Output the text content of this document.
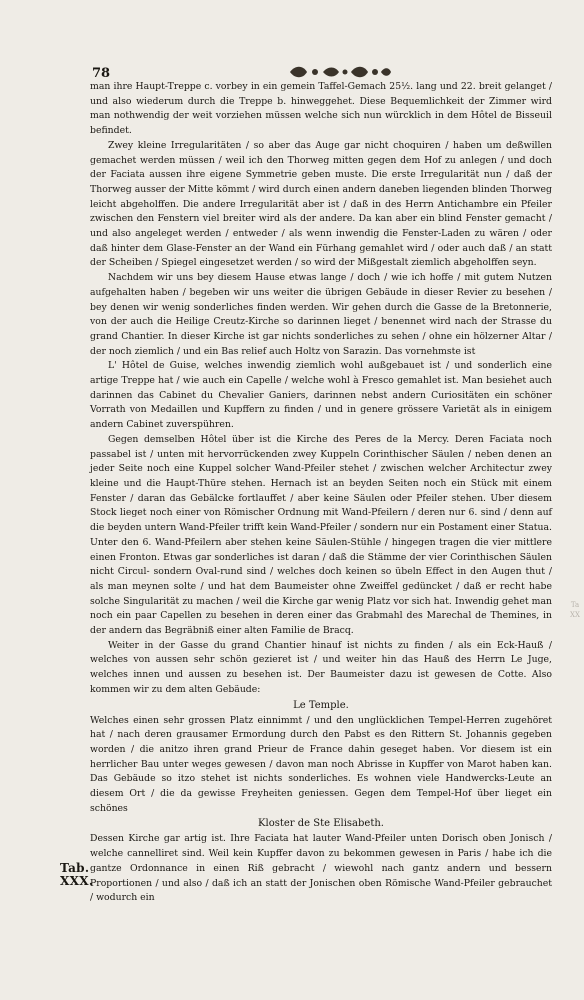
78

man ihre Haupt-Treppe c. vorbey in ein gemein Taffel-Gemach 25½. lang und 22. breit gelanget / und also wiederum durch die Treppe b. hinweggehet. Diese Bequemlichkeit der Zimmer wird man nothwendig der weit vorziehen müssen welche sich nun würcklich in dem Hôtel de Bisseuil befindet.

Zwey kleine Irregularitäten / so aber das Auge gar nicht choquiren / haben um deßwillen gemachet werden müssen / weil ich den Thorweg mitten gegen dem Hof zu anlegen / und doch der Faciata aussen ihre eigene Symmetrie geben muste. Die erste Irregularität nun / daß der Thorweg ausser der Mitte kömmt / wird durch einen andern daneben liegenden blinden Thorweg leicht abgeholffen. Die andere Irregularität aber ist / daß in des Herrn Antichambre ein Pfeiler zwischen den Fenstern viel breiter wird als der andere. Da kan aber ein blind Fenster gemacht / und also angeleget werden / entweder / als wenn inwendig die Fenster-Laden zu wären / oder daß hinter dem Glase-Fenster an der Wand ein Fürhang gemahlet wird / oder auch daß / an statt der Scheiben / Spiegel eingesetzet werden / so wird der Mißgestalt ziemlich abgeholffen seyn.

Nachdem wir uns bey diesem Hause etwas lange / doch / wie ich hoffe / mit gutem Nutzen aufgehalten haben / begeben wir uns weiter die übrigen Gebäude in dieser Revier zu besehen / bey denen wir wenig sonderliches finden werden. Wir gehen durch die Gasse de la Bretonnerie, von der auch die Heilige Creutz-Kirche so darinnen lieget / benennet wird nach der Strasse du grand Chantier. In dieser Kirche ist gar nichts sonderliches zu sehen / ohne ein hölzerner Altar / der noch ziemlich / und ein Bas relief auch Holtz von Sarazin. Das vornehmste ist

L' Hôtel de Guise, welches inwendig ziemlich wohl außgebauet ist / und sonderlich eine artige Treppe hat / wie auch ein Capelle / welche wohl à Fresco gemahlet ist. Man besiehet auch darinnen das Cabinet du Chevalier Ganiers, darinnen nebst andern Curiositäten ein schöner Vorrath von Medaillen und Kupffern zu finden / und in genere grössere Varietät als in einigem andern Cabinet zuverspühren.

Gegen demselben Hôtel über ist die Kirche des Peres de la Mercy. Deren Faciata noch passabel ist / unten mit hervorrückenden zwey Kuppeln Corinthischer Säulen / neben denen an jeder Seite noch eine Kuppel solcher Wand-Pfeiler stehet / zwischen welcher Architectur zwey kleine und die Haupt-Thüre stehen. Hernach ist an beyden Seiten noch ein Stück mit einem Fenster / daran das Gebälcke fortlauffet / aber keine Säulen oder Pfeiler stehen. Uber diesem Stock lieget noch einer von Römischer Ordnung mit Wand-Pfeilern / deren nur 6. sind / denn auf die beyden untern Wand-Pfeiler trifft kein Wand-Pfeiler / sondern nur ein Postament einer Statua. Unter den 6. Wand-Pfeilern aber stehen keine Säulen-Stühle / hingegen tragen die vier mittlere einen Fronton. Etwas gar sonderliches ist daran / daß die Stämme der vier Corinthischen Säulen nicht Circul- sondern Oval-rund sind / welches doch keinen so übeln Effect in den Augen thut / als man meynen solte / und hat dem Baumeister ohne Zweiffel gedüncket / daß er recht habe solche Singularität zu machen / weil die Kirche gar wenig Platz vor sich hat. Inwendig gehet man noch ein paar Capellen zu besehen in deren einer das Grabmahl des Marechal de Themines, in der andern das Begräbniß einer alten Familie de Bracq.

Weiter in der Gasse du grand Chantier hinauf ist nichts zu finden / als ein Eck-Hauß / welches von aussen sehr schön gezieret ist / und weiter hin das Hauß des Herrn Le Juge, welches innen und aussen zu besehen ist. Der Baumeister dazu ist gewesen de Cotte. Also kommen wir zu dem alten Gebäude:

Le Temple.

Welches einen sehr grossen Platz einnimmt / und den unglücklichen Tempel-Herren zugehöret hat / nach deren grausamer Ermordung durch den Pabst es den Rittern St. Johannis gegeben worden / die anitzo ihren grand Prieur de France dahin geseget haben. Vor diesem ist ein herrlicher Bau unter weges gewesen / davon man noch Abrisse in Kupffer von Marot haben kan. Das Gebäude so itzo stehet ist nichts sonderliches. Es wohnen viele Handwercks-Leute an diesem Ort / die da gewisse Freyheiten geniessen. Gegen dem Tempel-Hof über lieget ein schönes

Kloster de Ste Elisabeth.

Dessen Kirche gar artig ist. Ihre Faciata hat lauter Wand-Pfeiler unten Dorisch oben Jonisch / welche cannelliret sind. Weil kein Kupffer davon zu bekommen gewesen in Paris / habe ich die gantze Ordonnance in einen Riß gebracht / wiewohl nach gantz andern und bessern Proportionen / und also / daß ich an statt der Jonischen oben Römische Wand-Pfeiler gebrauchet / wodurch ein

Tab.
XXX.
Ta
XX
